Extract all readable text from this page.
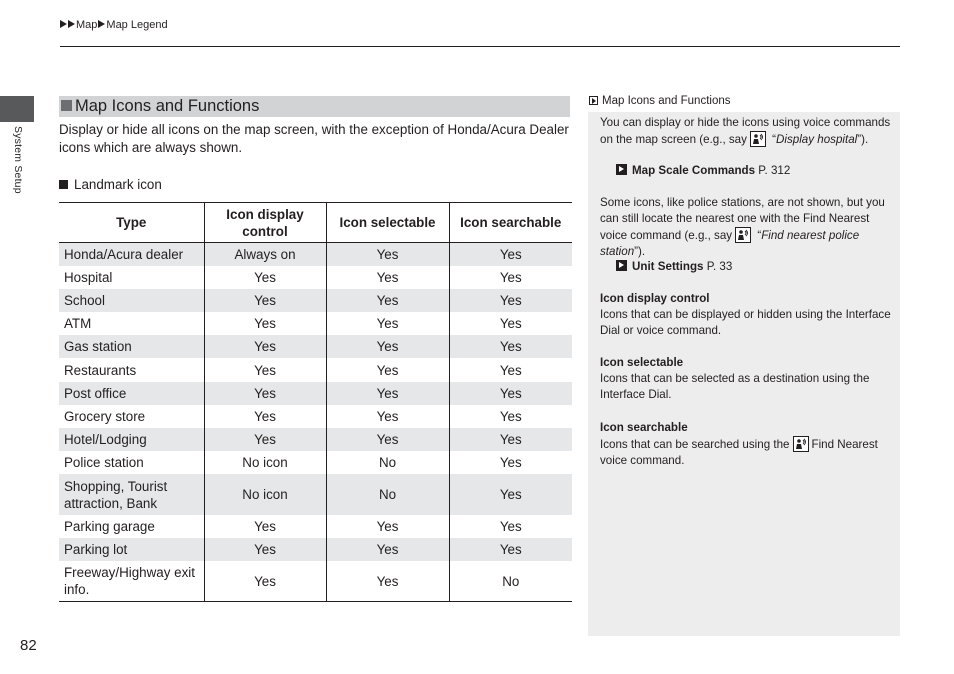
Map Map Legend
System Setup
82
Map Icons and Functions
Display or hide all icons on the map screen, with the exception of Honda/Acura Dealer icons which are always shown.
Landmark icon
Type	Icon display control	Icon selectable	Icon searchable
Honda/Acura dealer	Always on	Yes	Yes
Hospital	Yes	Yes	Yes
School	Yes	Yes	Yes
ATM	Yes	Yes	Yes
Gas station	Yes	Yes	Yes
Restaurants	Yes	Yes	Yes
Post office	Yes	Yes	Yes
Grocery store	Yes	Yes	Yes
Hotel/Lodging	Yes	Yes	Yes
Police station	No icon	No	Yes
Shopping, Tourist attraction, Bank	No icon	No	Yes
Parking garage	Yes	Yes	Yes
Parking lot	Yes	Yes	Yes
Freeway/Highway exit info.	Yes	Yes	No
Map Icons and Functions
You can display or hide the icons using voice commands on the map screen (e.g., say
“Display hospital”).
Map Scale Commands P. 312
Some icons, like police stations, are not shown, but you can still locate the nearest one with the Find Nearest voice command (e.g., say
“Find nearest police station”).
Unit Settings P. 33
Icon display control
Icons that can be displayed or hidden using the Interface Dial or voice command.
Icon selectable
Icons that can be selected as a destination using the Interface Dial.
Icon searchable
Icons that can be searched using the Find Nearest voice command.
